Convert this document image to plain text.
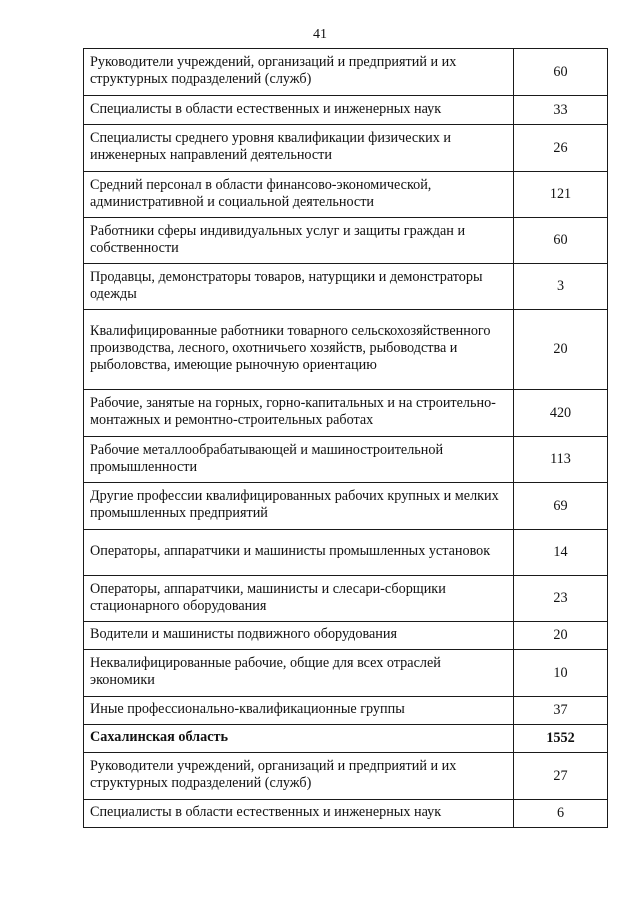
41
Руководители учреждений, организаций и предприятий и их структурных подразделений (служб)	60
Специалисты в области естественных и инженерных наук	33
Специалисты среднего уровня квалификации физических и инженерных направлений деятельности	26
Средний персонал в области финансово-экономической, административной и социальной деятельности	121
Работники сферы индивидуальных услуг и защиты граждан и собственности	60
Продавцы, демонстраторы товаров, натурщики и демонстраторы одежды	3
Квалифицированные работники товарного сельскохозяйственного производства, лесного, охотничьего хозяйств, рыбоводства и рыболовства, имеющие рыночную ориентацию	20
Рабочие, занятые на горных, горно-капитальных и на строительно-монтажных и ремонтно-строительных работах	420
Рабочие металлообрабатывающей и машиностроительной промышленности	113
Другие профессии квалифицированных рабочих крупных и мелких промышленных предприятий	69
Операторы, аппаратчики и машинисты промышленных установок	14
Операторы, аппаратчики, машинисты и слесари-сборщики стационарного оборудования	23
Водители и машинисты подвижного оборудования	20
Неквалифицированные рабочие, общие для всех отраслей экономики	10
Иные профессионально-квалификационные группы	37
Сахалинская область	1552
Руководители учреждений, организаций и предприятий и их структурных подразделений (служб)	27
Специалисты в области естественных и инженерных наук	6
